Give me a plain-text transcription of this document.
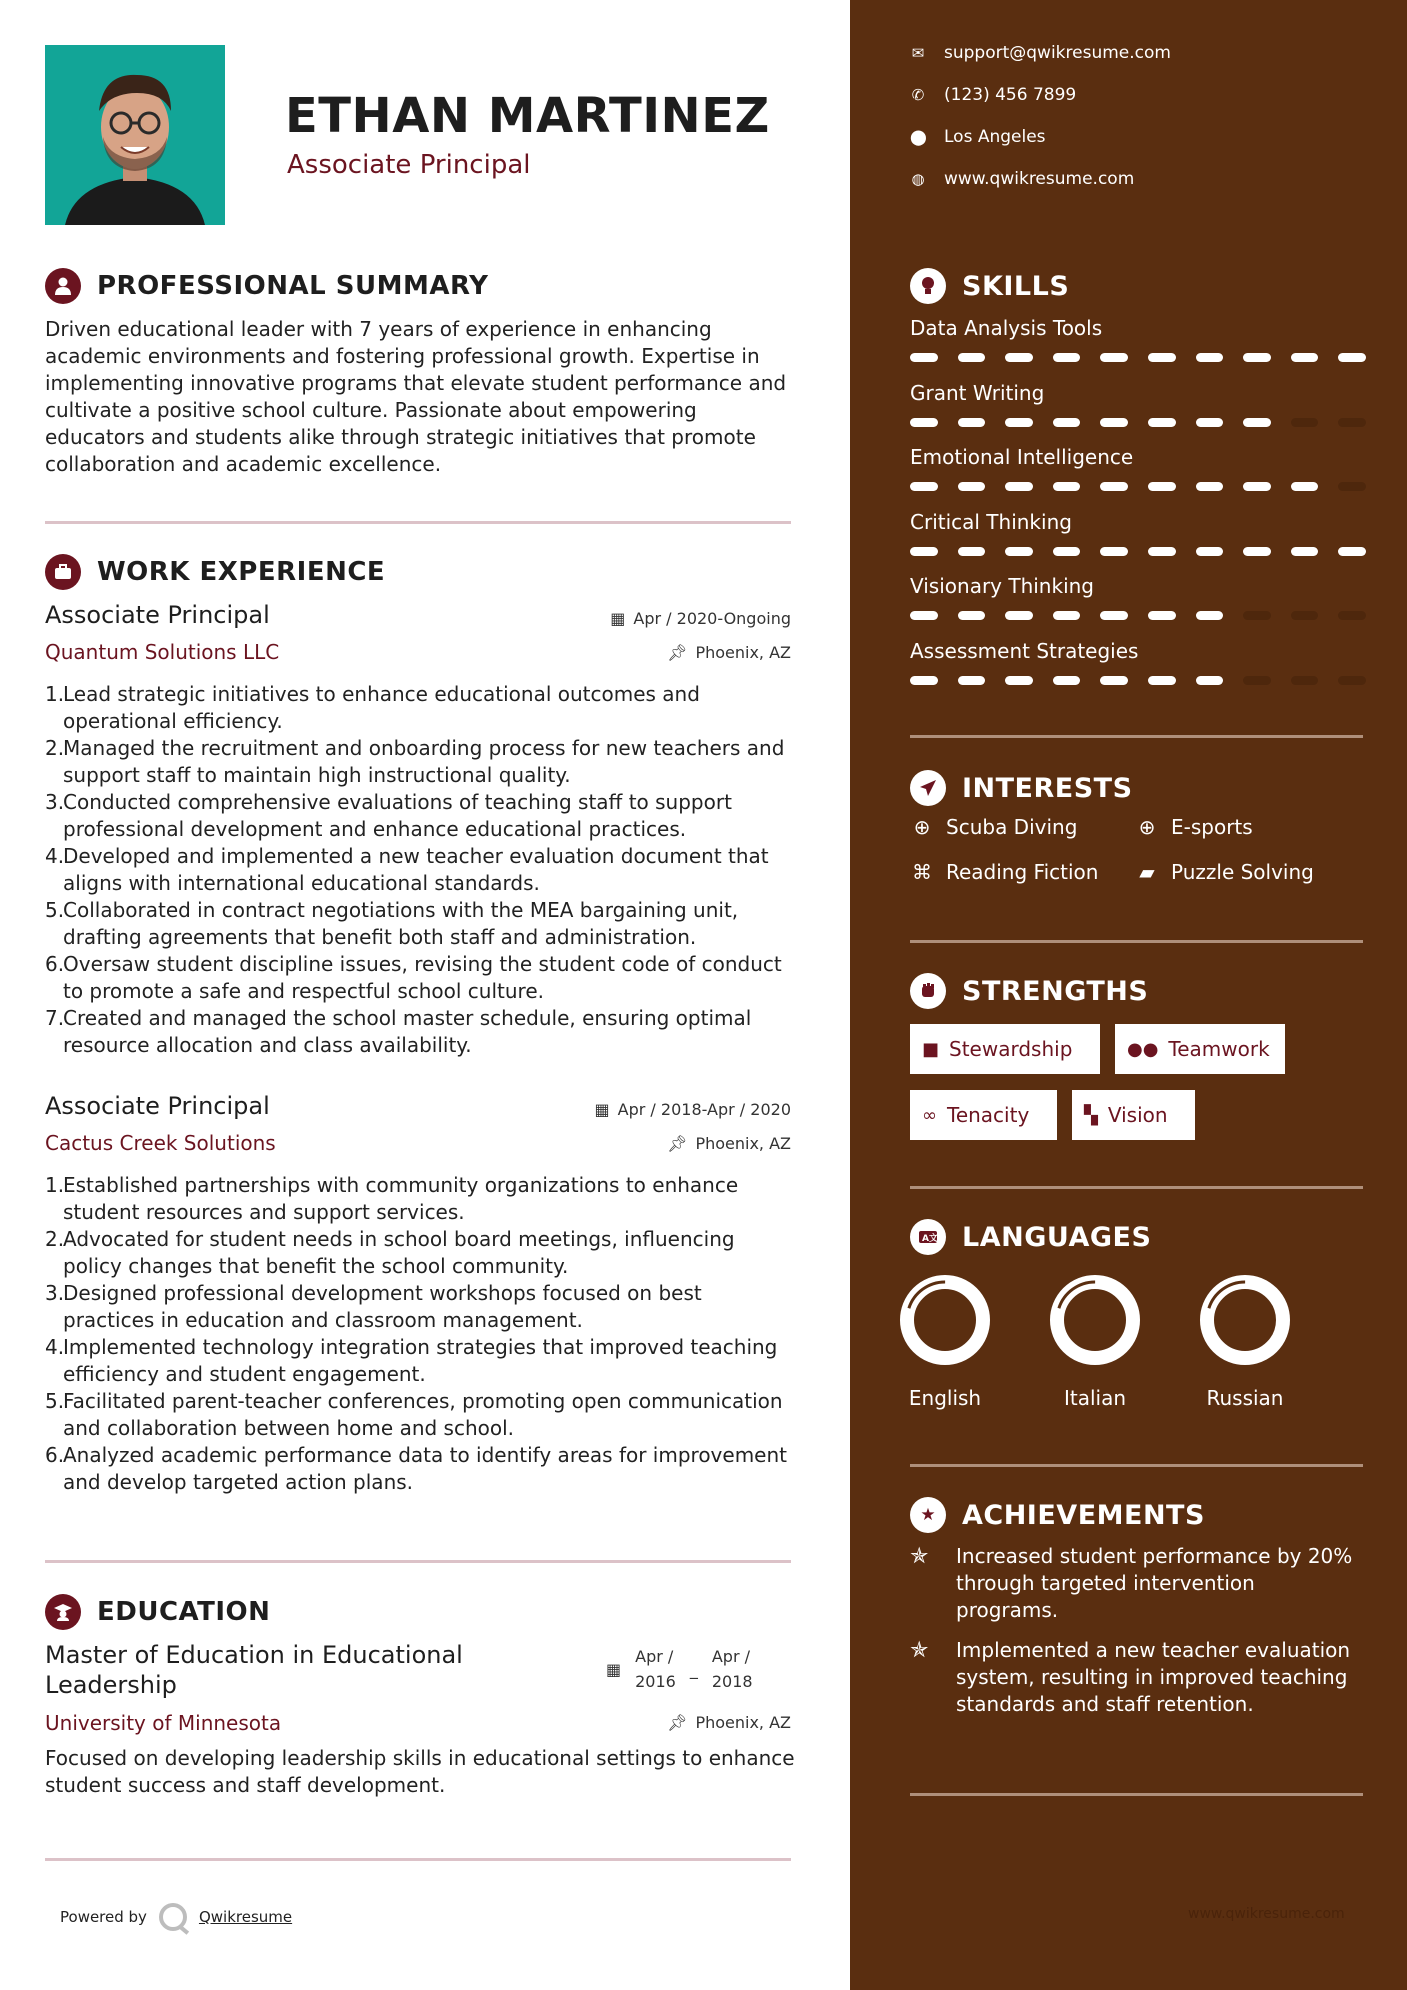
ETHAN MARTINEZ
Associate Principal
PROFESSIONAL SUMMARY
Driven educational leader with 7 years of experience in enhancing academic environments and fostering professional growth. Expertise in implementing innovative programs that elevate student performance and cultivate a positive school culture. Passionate about empowering educators and students alike through strategic initiatives that promote collaboration and academic excellence.
WORK EXPERIENCE
Associate Principal
Quantum Solutions LLC
▦ Apr / 2020-Ongoing
📌︎ Phoenix, AZ
1.
Lead strategic initiatives to enhance educational outcomes and operational efficiency.
2.
Managed the recruitment and onboarding process for new teachers and support staff to maintain high instructional quality.
3.
Conducted comprehensive evaluations of teaching staff to support professional development and enhance educational practices.
4.
Developed and implemented a new teacher evaluation document that aligns with international educational standards.
5.
Collaborated in contract negotiations with the MEA bargaining unit, drafting agreements that benefit both staff and administration.
6.
Oversaw student discipline issues, revising the student code of conduct to promote a safe and respectful school culture.
7.
Created and managed the school master schedule, ensuring optimal resource allocation and class availability.
Associate Principal
Cactus Creek Solutions
▦ Apr / 2018-Apr / 2020
📌︎ Phoenix, AZ
1.
Established partnerships with community organizations to enhance student resources and support services.
2.
Advocated for student needs in school board meetings, influencing policy changes that benefit the school community.
3.
Designed professional development workshops focused on best practices in education and classroom management.
4.
Implemented technology integration strategies that improved teaching efficiency and student engagement.
5.
Facilitated parent-teacher conferences, promoting open communication and collaboration between home and school.
6.
Analyzed academic performance data to identify areas for improvement and develop targeted action plans.
EDUCATION
Master of Education in Educational Leadership
▦
Apr /
2016
_
Apr /
2018
University of Minnesota	📌︎ Phoenix, AZ
Focused on developing leadership skills in educational settings to enhance student success and staff development.
Powered by	Qwikresume
✉ support@qwikresume.com
✆ (123) 456 7899
⬤ Los Angeles
◍ www.qwikresume.com
SKILLS
Data Analysis Tools
Grant Writing
Emotional Intelligence
Critical Thinking
Visionary Thinking
Assessment Strategies
INTERESTS
⊕ Scuba Diving	⊕ E-sports
⌘ Reading Fiction ▰ Puzzle Solving
STRENGTHS
■ Stewardship	●● Teamwork
∞ Tenacity	▚ Vision
A 文 LANGUAGES
English	Italian	Russian
★ ACHIEVEMENTS
✯	Increased student performance by 20% through targeted intervention programs.
✯	Implemented a new teacher evaluation system, resulting in improved teaching standards and staff retention.
www.qwikresume.com
